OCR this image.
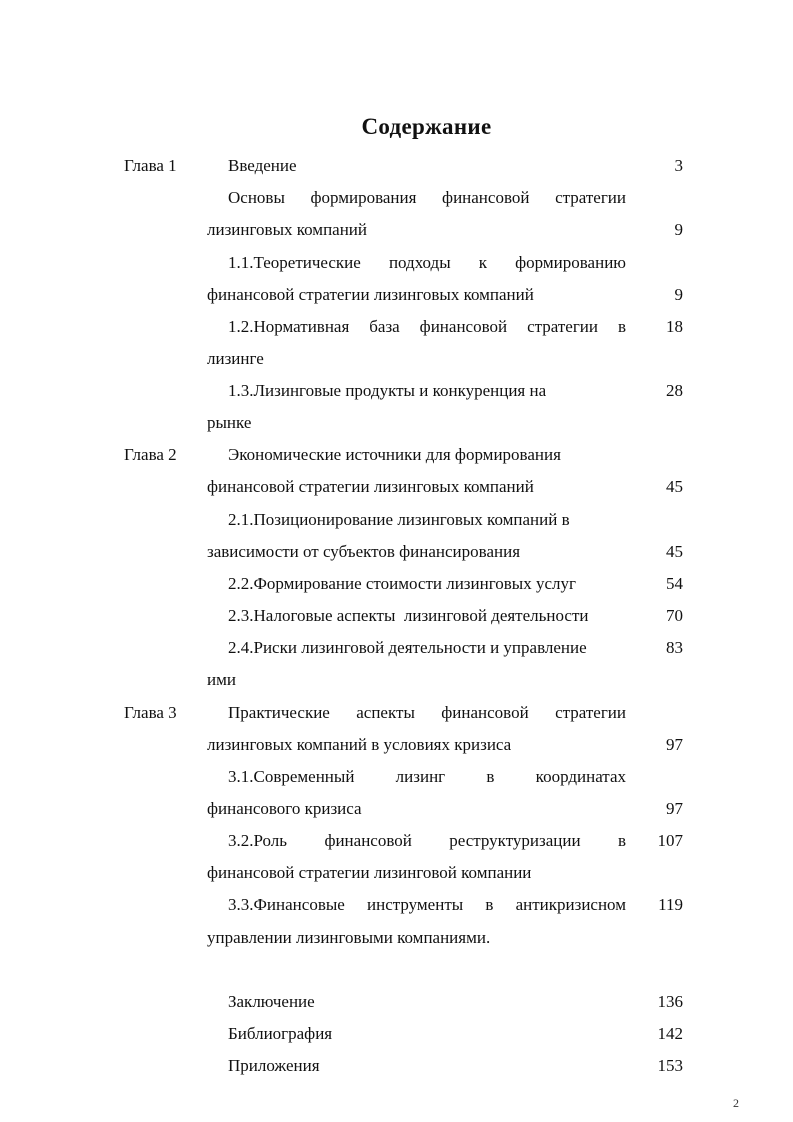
Содержание
Глава 1	Введение	3
Основы формирования финансовой стратегии
лизинговых компаний	9
1.1.Теоретические подходы к формированию
финансовой стратегии лизинговых компаний	9
1.2.Нормативная база финансовой стратегии в	18
лизинге
1.3.Лизинговые продукты и конкуренция на	28
рынке
Глава 2	Экономические источники для формирования
финансовой стратегии лизинговых компаний	45
2.1.Позиционирование лизинговых компаний в
зависимости от субъектов финансирования	45
2.2.Формирование стоимости лизинговых услуг	54
2.3.Налоговые аспекты  лизинговой деятельности	70
2.4.Риски лизинговой деятельности и управление	83
ими
Глава 3	Практические аспекты финансовой стратегии
лизинговых компаний в условиях кризиса	97
3.1.Современный лизинг в координатах
финансового кризиса	97
3.2.Роль финансовой реструктуризации в	107
финансовой стратегии лизинговой компании
3.3.Финансовые инструменты в антикризисном	119
управлении лизинговыми компаниями.
Заключение	136
Библиография	142
Приложения	153
2
